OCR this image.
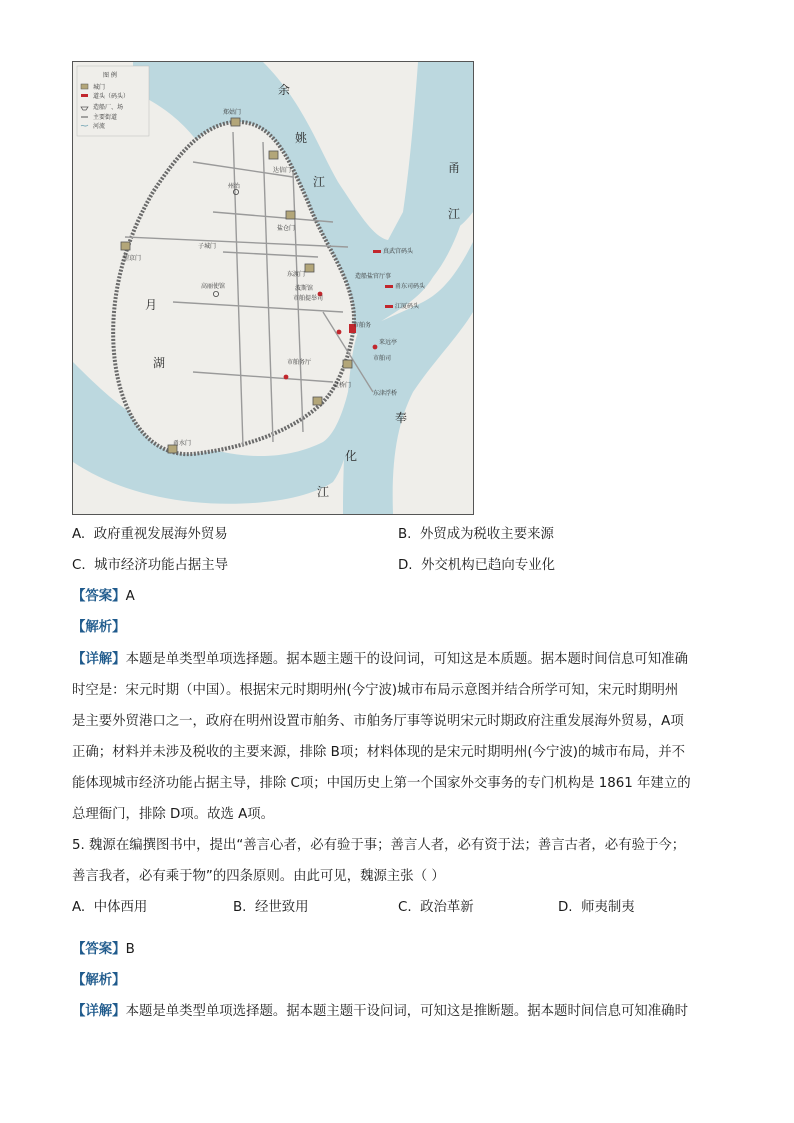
图 例
城门
道头（码头）
造船厂、场
主要街道
河流
余
姚
江
甬
江
奉
化
江
月
湖
郑姑门
达信门
盐仓门
望京门
子城门
甬水门
灵桥门
东渡门
州治
高丽使馆	波斯馆
市舶提举司
市舶务
来远亭
市舶司
东津浮桥
市舶务厅
造船盐官厅事
真武宫码头
甬东司码头
江厦码头
A. 政府重视发展海外贸易	B. 外贸成为税收主要来源
C. 城市经济功能占据主导	D. 外交机构已趋向专业化
【答案】A
【解析】

【详解】本题是单类型单项选择题。据本题主题干的设问词，可知这是本质题。据本题时间信息可知准确

时空是：宋元时期（中国）。根据宋元时期明州(今宁波)城市布局示意图并结合所学可知，宋元时期明州

是主要外贸港口之一，政府在明州设置市舶务、市舶务厅事等说明宋元时期政府注重发展海外贸易，A项

正确；材料并未涉及税收的主要来源，排除 B项；材料体现的是宋元时期明州(今宁波)的城市布局，并不

能体现城市经济功能占据主导，排除 C项；中国历史上第一个国家外交事务的专门机构是 1861 年建立的

总理衙门，排除 D项。故选 A项。

5. 魏源在编撰图书中，提出“善言心者，必有验于事；善言人者，必有资于法；善言古者，必有验于今；

善言我者，必有乘于物”的四条原则。由此可见，魏源主张（ ）

A. 中体西用	B. 经世致用	C. 政治革新	D. 师夷制夷
【答案】B
【解析】
【详解】本题是单类型单项选择题。据本题主题干设问词，可知这是推断题。据本题时间信息可知准确时
